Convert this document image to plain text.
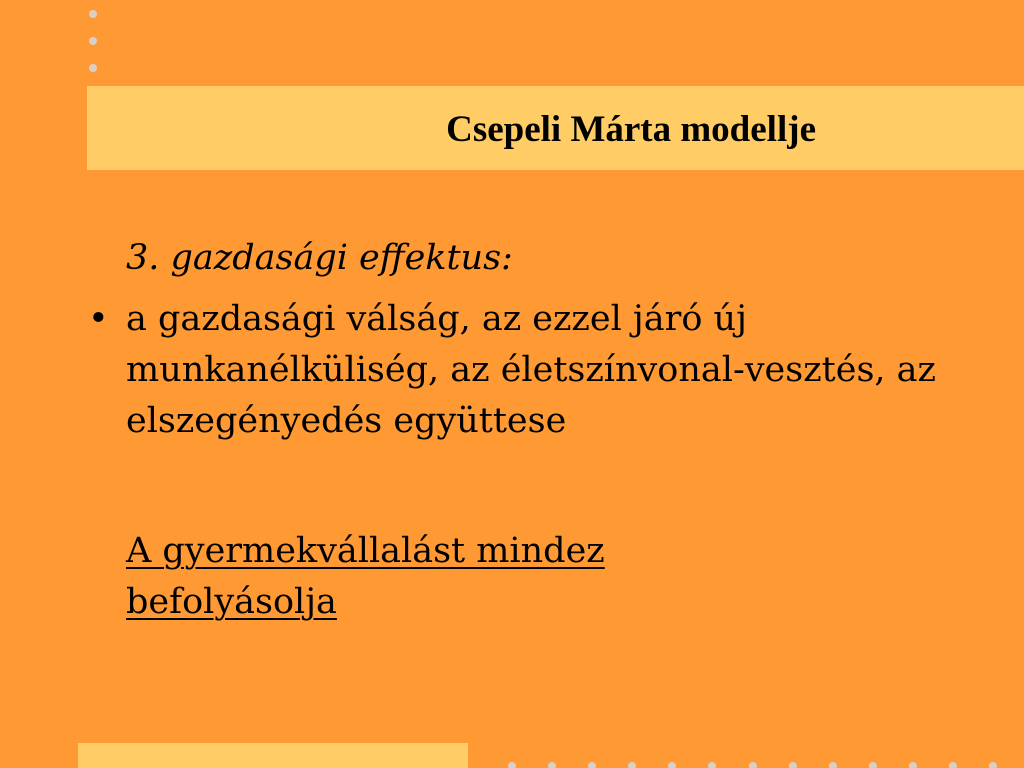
Csepeli Márta modellje

3. gazdasági effektus:

• a gazdasági válság, az ezzel járó új munkanélküliség, az életszínvonal-vesztés, az elszegényedés együttese

A gyermekvállalást mindez befolyásolja
